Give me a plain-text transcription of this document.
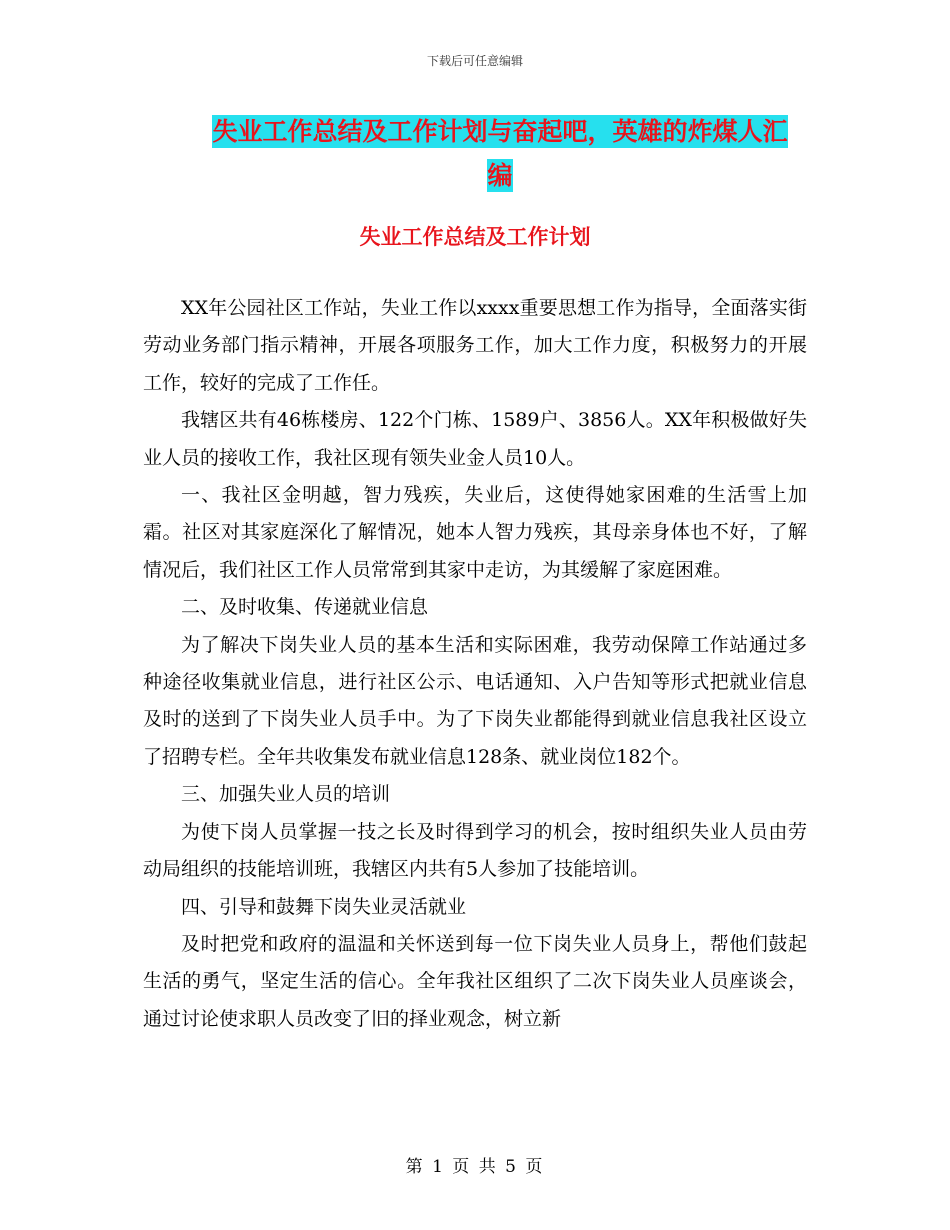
下载后可任意编辑
失业工作总结及工作计划与奋起吧，英雄的炸煤人汇
编
失业工作总结及工作计划

XX年公园社区工作站，失业工作以xxxx重要思想工作为指导，全面落实街劳动业务部门指示精神，开展各项服务工作，加大工作力度，积极努力的开展工作，较好的完成了工作任。

我辖区共有46栋楼房、122个门栋、1589户、3856人。XX年积极做好失业人员的接收工作，我社区现有领失业金人员10人。

一、我社区金明越，智力残疾，失业后，这使得她家困难的生活雪上加霜。社区对其家庭深化了解情况，她本人智力残疾，其母亲身体也不好，了解情况后，我们社区工作人员常常到其家中走访，为其缓解了家庭困难。

二、及时收集、传递就业信息

为了解决下岗失业人员的基本生活和实际困难，我劳动保障工作站通过多种途径收集就业信息，进行社区公示、电话通知、入户告知等形式把就业信息及时的送到了下岗失业人员手中。为了下岗失业都能得到就业信息我社区设立了招聘专栏。全年共收集发布就业信息128条、就业岗位182个。

三、加强失业人员的培训

为使下岗人员掌握一技之长及时得到学习的机会，按时组织失业人员由劳动局组织的技能培训班，我辖区内共有5人参加了技能培训。

四、引导和鼓舞下岗失业灵活就业

及时把党和政府的温温和关怀送到每一位下岗失业人员身上，帮他们鼓起生活的勇气，坚定生活的信心。全年我社区组织了二次下岗失业人员座谈会，通过讨论使求职人员改变了旧的择业观念，树立新

第 1 页 共 5 页
